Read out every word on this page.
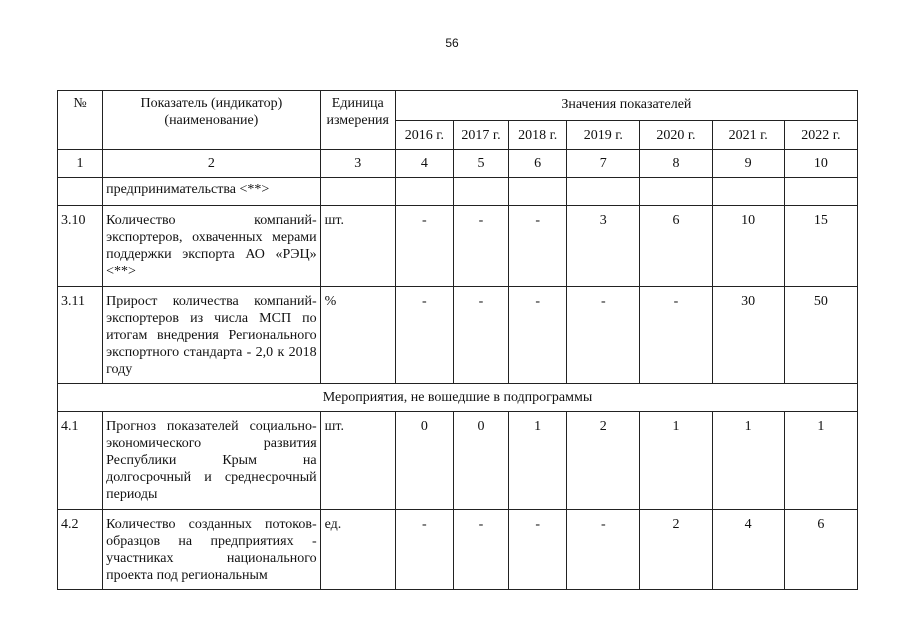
56
№	Показатель (индикатор) (наименование)	Единица измерения	Значения показателей						
			2016 г.	2017 г.	2018 г.	2019 г.	2020 г.	2021 г.	2022 г.
1	2	3	4	5	6	7	8	9	10
	предпринимательства <**>								
3.10	Количество компаний-экспортеров, охваченных мерами поддержки экспорта АО «РЭЦ» <**>	шт.	-	-	-	3	6	10	15
3.11	Прирост количества компаний-экспортеров из числа МСП по итогам внедрения Регионального экспортного стандарта - 2,0 к 2018 году	%	-	-	-	-	-	30	50
Мероприятия, не вошедшие в подпрограммы									
4.1	Прогноз показателей социально-экономического развития Республики Крым на долгосрочный и среднесрочный периоды	шт.	0	0	1	2	1	1	1
4.2	Количество созданных потоков-образцов на предприятиях - участниках национального проекта под региональным	ед.	-	-	-	-	2	4	6
